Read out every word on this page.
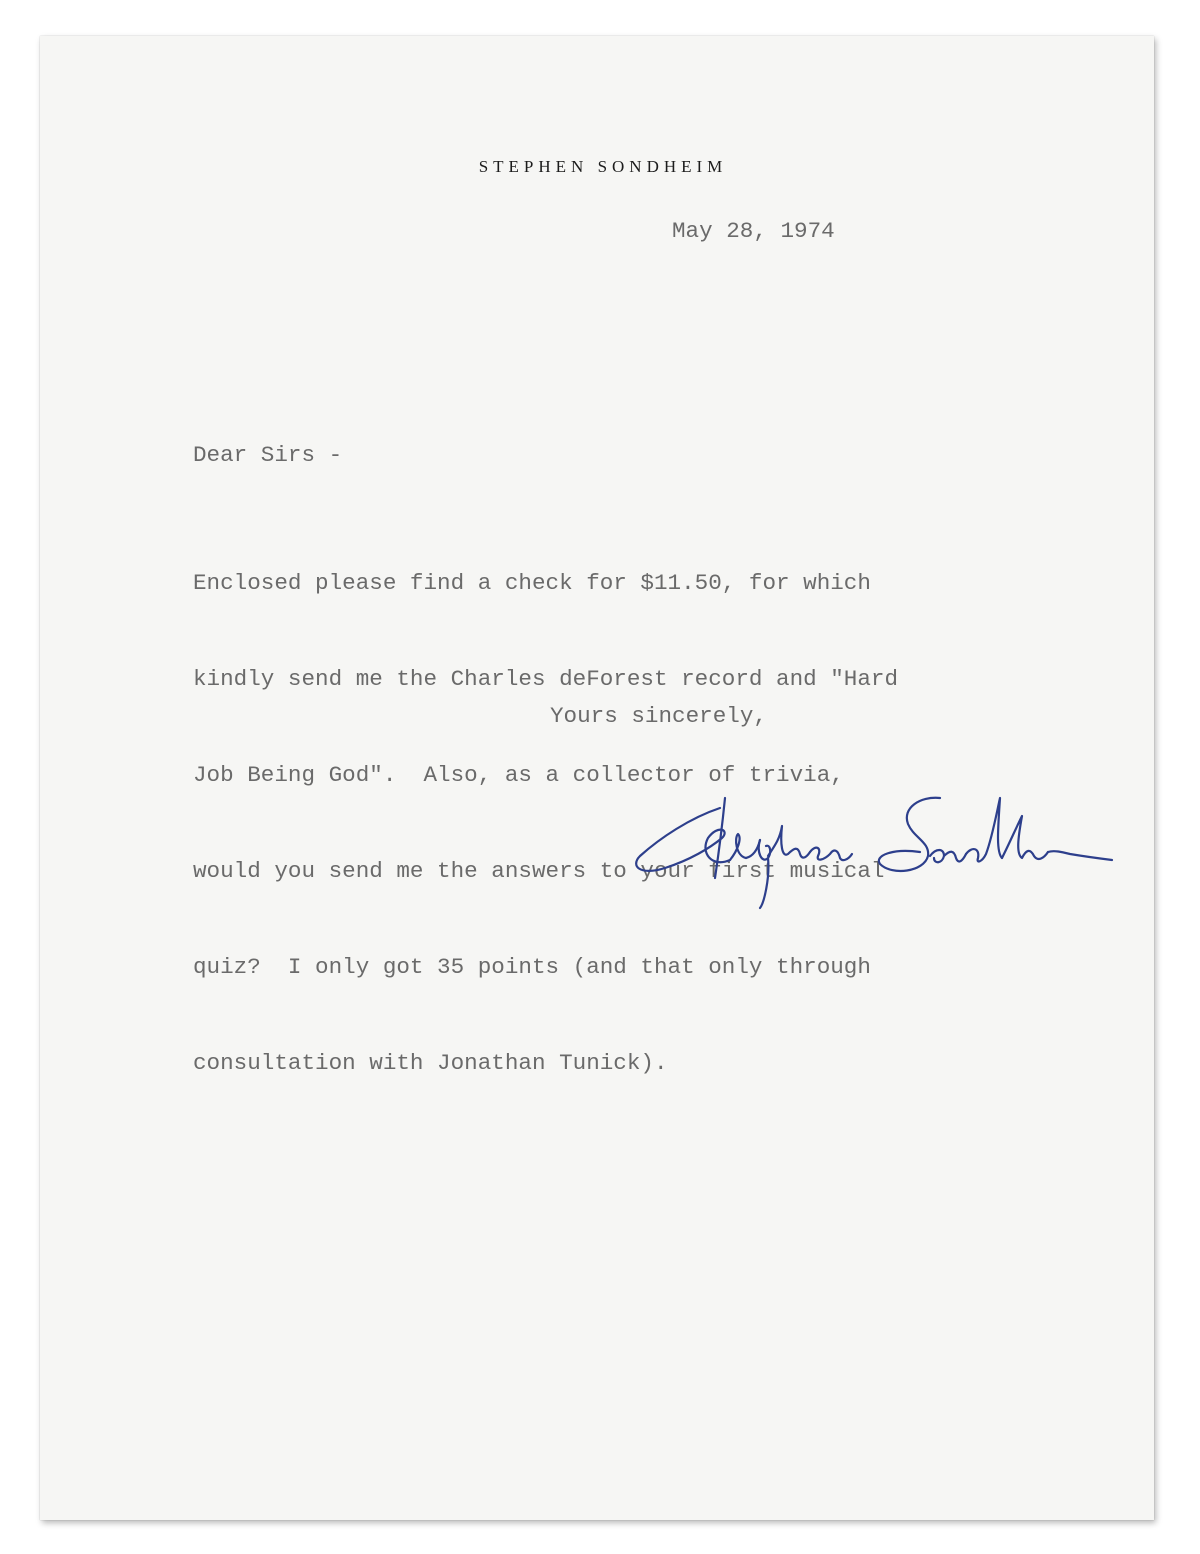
STEPHEN SONDHEIM
May 28, 1974
Dear Sirs -

Enclosed please find a check for $11.50, for which

kindly send me the Charles deForest record and "Hard

Job Being God".  Also, as a collector of trivia,

would you send me the answers to your first musical

quiz?  I only got 35 points (and that only through

consultation with Jonathan Tunick).

Yours sincerely,
